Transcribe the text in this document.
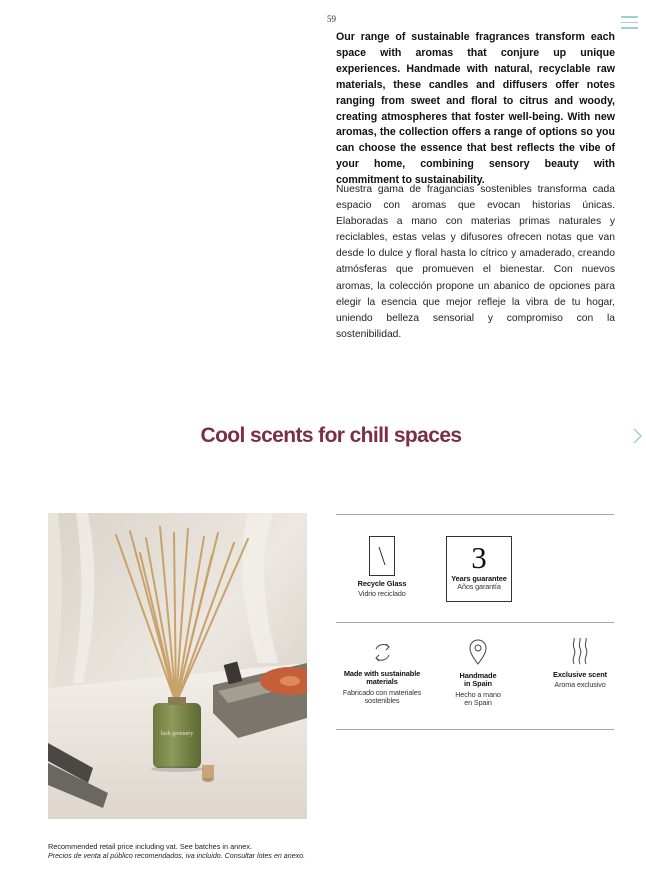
59

Our range of sustainable fragrances transform each space with aromas that conjure up unique experiences. Handmade with natural, recyclable raw materials, these candles and diffusers offer notes ranging from sweet and floral to citrus and woody, creating atmospheres that foster well-being. With new aromas, the collection offers a range of options so you can choose the essence that best reflects the vibe of your home, combining sensory beauty with commitment to sustainability.

Nuestra gama de fragancias sostenibles transforma cada espacio con aromas que evocan historias únicas. Elaboradas a mano con materias primas naturales y reciclables, estas velas y difusores ofrecen notas que van desde lo dulce y floral hasta lo cítrico y amaderado, creando atmósferas que promueven el bienestar. Con nuevos aromas, la colección propone un abanico de opciones para elegir la esencia que mejor refleje la vibra de tu hogar, uniendo belleza sensorial y compromiso con la sostenibilidad.

Cool scents for chill spaces
lush greenery
Recycle Glass
Vidrio reciclado
3
Years guarantee
Años garantía
Made with sustainable materials
Fabricado con materiales sostenibles
Handmade in Spain
Hecho a mano en Spain
Exclusive scent
Aroma exclusivo
Recommended retail price including vat. See batches in annex.
Precios de venta al público recomendados, iva incluido. Consultar lotes en anexo.
